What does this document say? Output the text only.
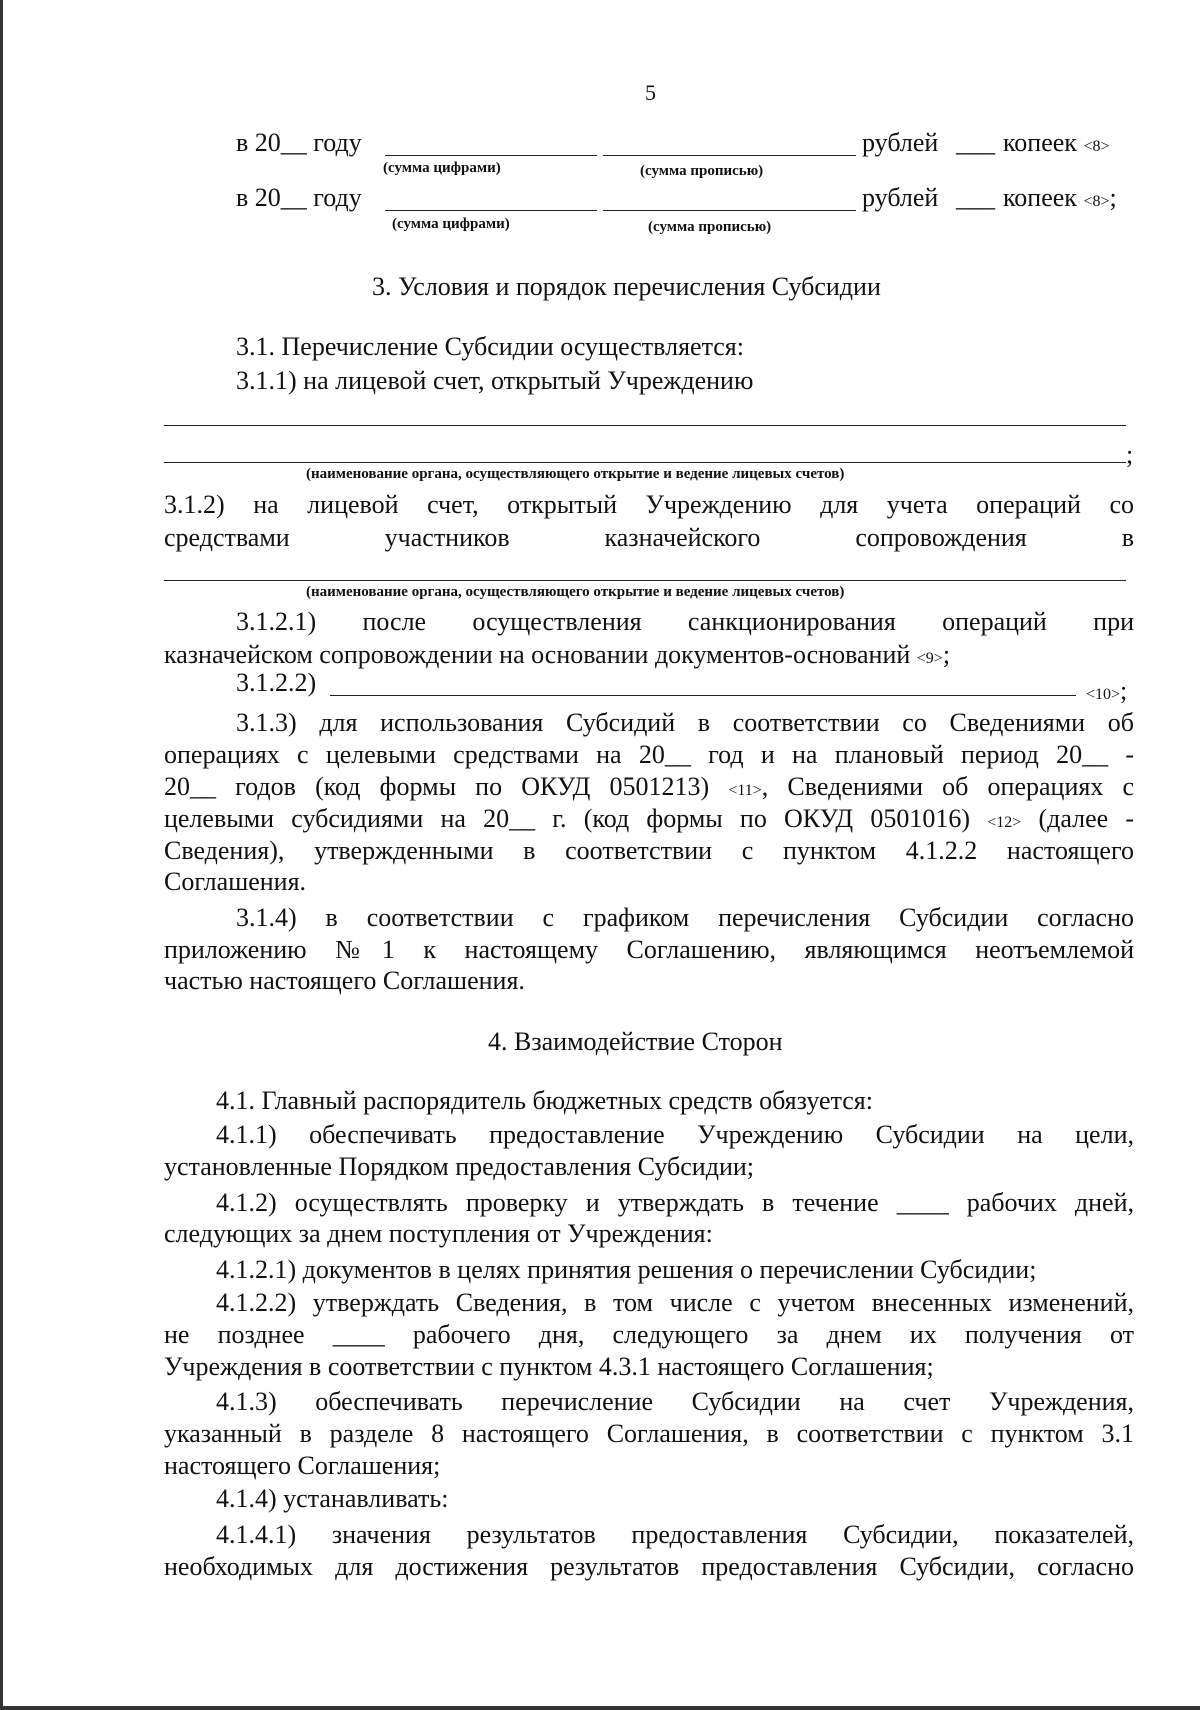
5
в 20__ году	рублей ___ копеек <8>
(сумма цифрами)	(сумма прописью)
в 20__ году	рублей ___ копеек <8>;
(сумма цифрами)	(сумма прописью)
3. Условия и порядок перечисления Субсидии
3.1. Перечисление Субсидии осуществляется:
3.1.1) на лицевой счет, открытый Учреждению
;
(наименование органа, осуществляющего открытие и ведение лицевых счетов)
3.1.2) на лицевой счет, открытый Учреждению для учета операций со
средствами	участников	казначейского	сопровождения	в
(наименование органа, осуществляющего открытие и ведение лицевых счетов)
3.1.2.1) после осуществления санкционирования операций при
казначейском сопровождении на основании документов-оснований <9>;
3.1.2.2)	<10>;
3.1.3) для использования Субсидий в соответствии со Сведениями об
операциях с целевыми средствами на 20__ год и на плановый период 20__ -
20__ годов (код формы по ОКУД 0501213) <11>, Сведениями об операциях с
целевыми субсидиями на 20__ г. (код формы по ОКУД 0501016) <12> (далее -
Сведения), утвержденными в соответствии с пунктом 4.1.2.2 настоящего
Соглашения.
3.1.4) в соответствии с графиком перечисления Субсидии согласно
приложению №1 к настоящему Соглашению, являющимся неотъемлемой
частью настоящего Соглашения.
4. Взаимодействие Сторон
4.1. Главный распорядитель бюджетных средств обязуется:
4.1.1) обеспечивать предоставление Учреждению Субсидии на цели,
установленные Порядком предоставления Субсидии;
4.1.2) осуществлять проверку и утверждать в течение ____ рабочих дней,
следующих за днем поступления от Учреждения:
4.1.2.1) документов в целях принятия решения о перечислении Субсидии;
4.1.2.2) утверждать Сведения, в том числе с учетом внесенных изменений,
не позднее ____ рабочего дня, следующего за днем их получения от
Учреждения в соответствии с пунктом 4.3.1 настоящего Соглашения;
4.1.3) обеспечивать перечисление Субсидии на счет Учреждения,
указанный в разделе 8 настоящего Соглашения, в соответствии с пунктом 3.1
настоящего Соглашения;
4.1.4) устанавливать:
4.1.4.1) значения результатов предоставления Субсидии, показателей,
необходимых для достижения результатов предоставления Субсидии, согласно
